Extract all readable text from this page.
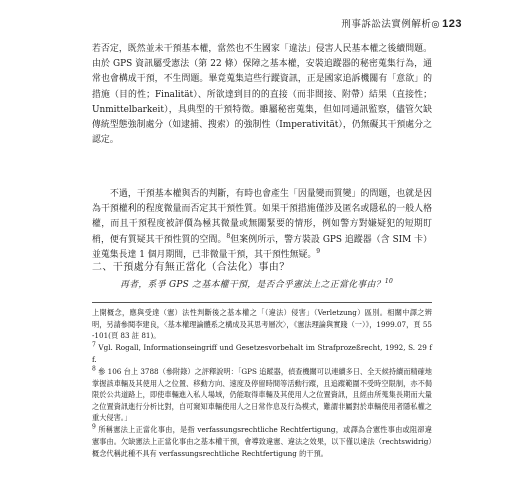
刑事訴訟法實例解析◎ 123

若否定，既然並未干預基本權，當然也不生國家「違法」侵害人民基本權之後續問題。由於 GPS 資訊屬受憲法（第 22 條）保障之基本權，安裝追蹤器的秘密蒐集行為，通常也會構成干預，不生問題。畢竟蒐集這些行蹤資訊，正是國家追訴機關有「意欲」的措施（目的性；Finalität）、所欲達到目的的直接（而非間接、附帶）結果（直接性；Unmittelbarkeit），具典型的干預特徵。雖屬秘密蒐集，但如同通訊監察，儘管欠缺傳統型態強制處分（如逮捕、搜索）的強制性（Imperativität），仍無礙其干預處分之認定。

不過，干預基本權與否的判斷，有時也會產生「因量變而質變」的問題，也就是因為干預權利的程度微量而否定其干預性質。如果干預措施僅涉及匿名或隱私的一般人格權，而且干預程度被評價為極其微量或無關緊要的情形，例如警方對嫌疑犯的短期盯梢，便有質疑其干預性質的空間。$^8$但案例所示，警方裝設 GPS 追蹤器（含 SIM 卡）並蒐集長達 1 個月期間，已非微量干預，其干預性無疑。$^9$

二、干預處分有無正當化（合法化）事由？
再者，系爭 GPS 之基本權干預，是否合乎憲法上之正當化事由？$^{10}$

上開概念，應與受達（憲）法性判斷後之基本權之「（違法）侵害」（Verletzung）區別。相關中譯之辨明，另請參閱李建良，〈基本權理論體系之構成及其思考層次〉，《憲法理論與實踐（一）》，1999.07，頁 55-101(頁 83 註 81)。

$^7$ Vgl. Rogall, Informationseingriff und Gesetzesvorbehalt im Strafprozeßrecht, 1992, S. 29 ff.

$^8$ 參 106 台上 3788（參附錄）之評釋說明：「GPS 追蹤器，偵查機關可以連續多日、全天候持續而精確地掌握該車輛及其使用人之位置、移動方向、速度及停留時間等活動行蹤，且追蹤範圍不受時空限制，亦不侷限於公共道路上，即使車輛進入私人場域，仍能取得車輛及其使用人之位置資訊，且經由所蒐集長期而大量之位置資訊進行分析比對，自可窺知車輛使用人之日常作息及行為模式，難謂非屬對於車輛使用者隱私權之重大侵害。」

$^9$ 所稱憲法上正當化事由，是指 verfassungsrechtliche Rechtfertigung，或譯為合憲性事由或阻卻違憲事由。欠缺憲法上正當化事由之基本權干預，會導致違憲、違法之效果，以下僅以違法（rechtswidrig）概念代稱此種不具有 verfassungsrechtliche Rechtfertigung 的干預。
